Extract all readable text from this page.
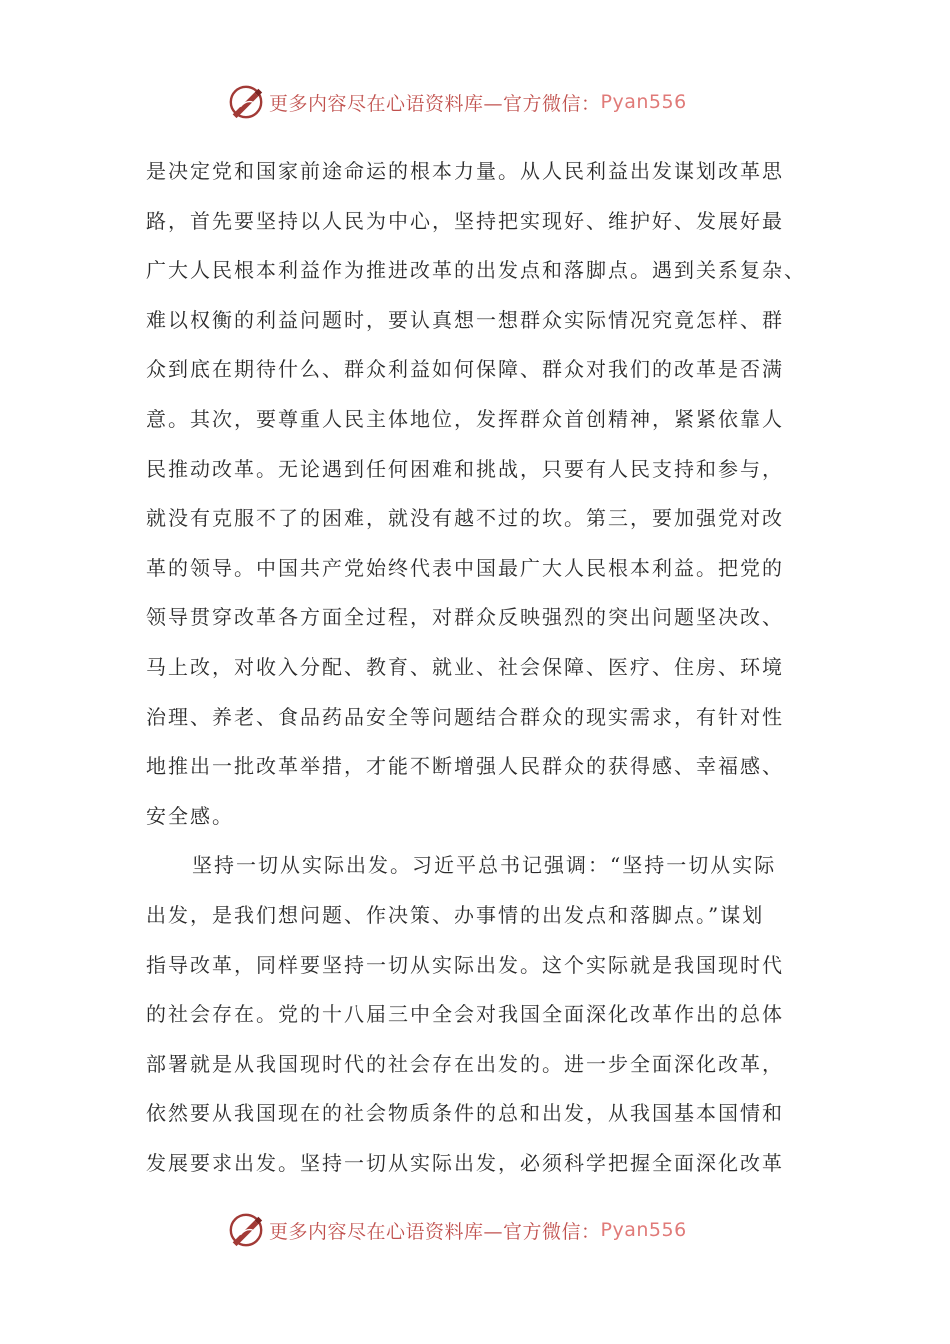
更多内容尽在心语资料库—官方微信： Pyan556
是决定党和国家前途命运的根本力量。从人民利益出发谋划改革思
路，首先要坚持以人民为中心，坚持把实现好、维护好、发展好最
广大人民根本利益作为推进改革的出发点和落脚点。遇到关系复杂、
难以权衡的利益问题时，要认真想一想群众实际情况究竟怎样、群
众到底在期待什么、群众利益如何保障、群众对我们的改革是否满
意。其次，要尊重人民主体地位，发挥群众首创精神，紧紧依靠人
民推动改革。无论遇到任何困难和挑战，只要有人民支持和参与，
就没有克服不了的困难，就没有越不过的坎。第三，要加强党对改
革的领导。中国共产党始终代表中国最广大人民根本利益。把党的
领导贯穿改革各方面全过程，对群众反映强烈的突出问题坚决改、
马上改，对收入分配、教育、就业、社会保障、医疗、住房、环境
治理、养老、食品药品安全等问题结合群众的现实需求，有针对性
地推出一批改革举措，才能不断增强人民群众的获得感、幸福感、
安全感。
坚持一切从实际出发。习近平总书记强调：“坚持一切从实际
出发，是我们想问题、作决策、办事情的出发点和落脚点。”谋划
指导改革，同样要坚持一切从实际出发。这个实际就是我国现时代
的社会存在。党的十八届三中全会对我国全面深化改革作出的总体
部署就是从我国现时代的社会存在出发的。进一步全面深化改革，
依然要从我国现在的社会物质条件的总和出发，从我国基本国情和
发展要求出发。坚持一切从实际出发，必须科学把握全面深化改革
更多内容尽在心语资料库—官方微信： Pyan556
